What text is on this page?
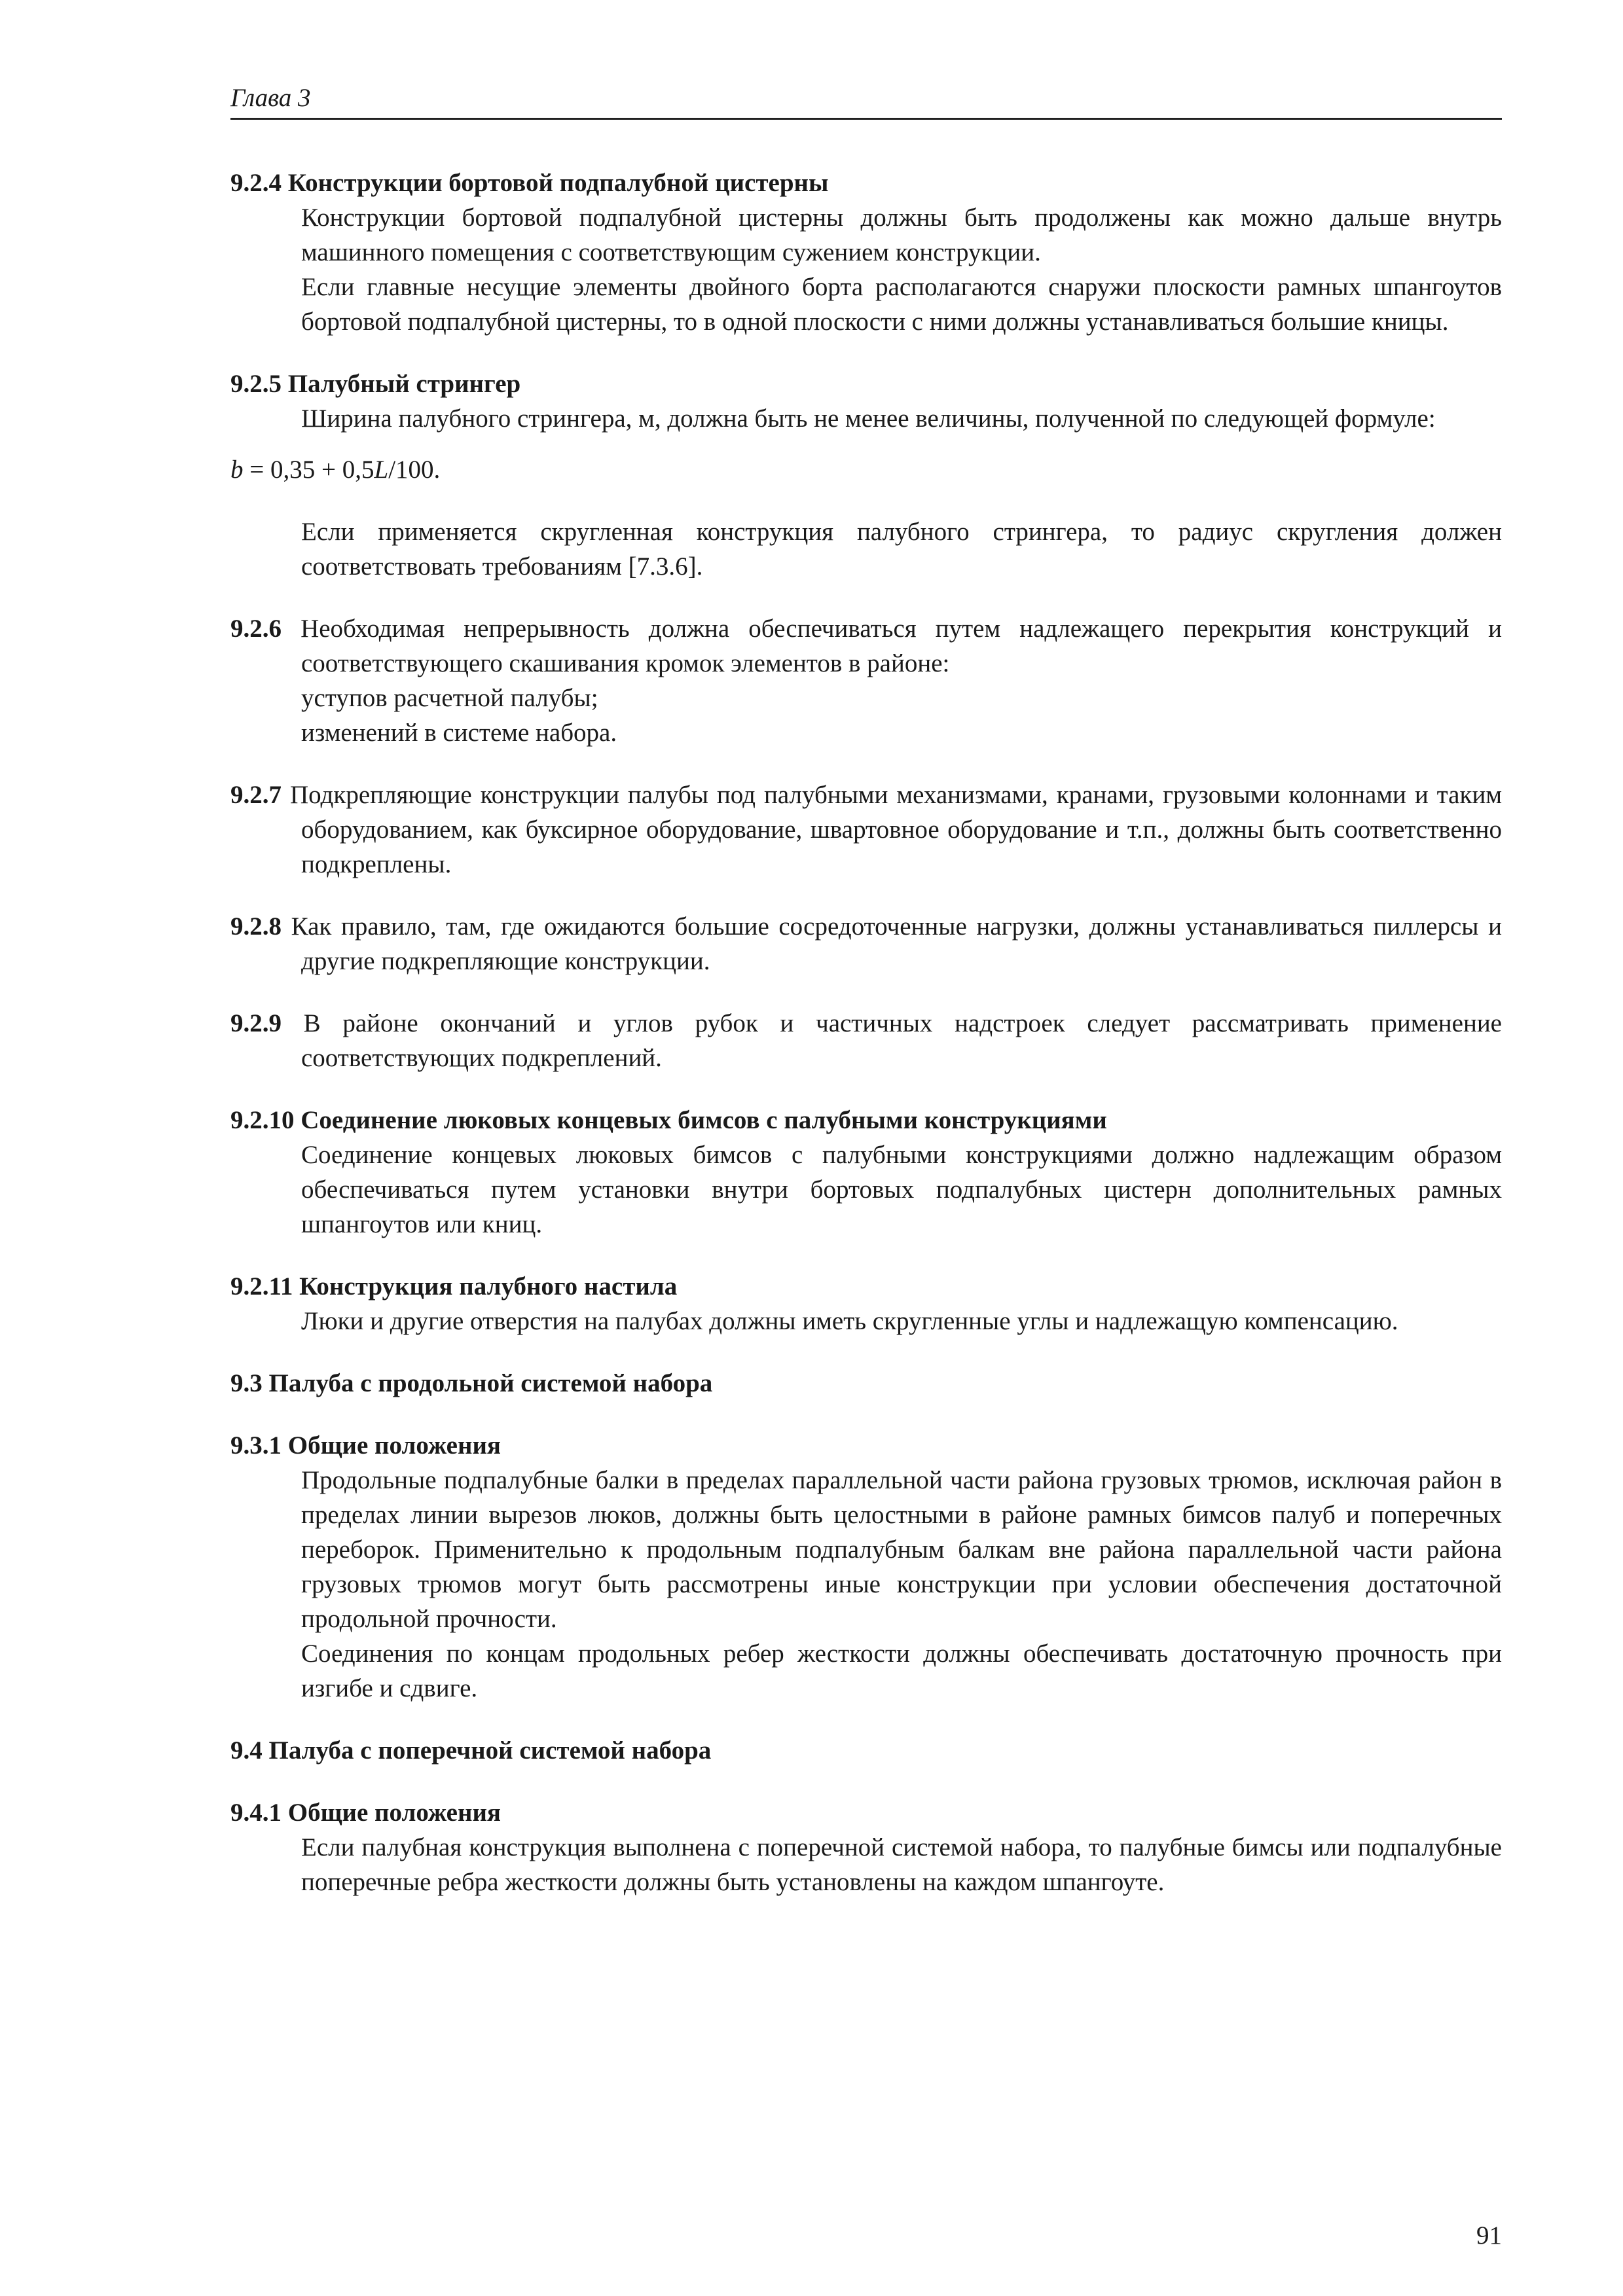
Глава 3

9.2.4 Конструкции бортовой подпалубной цистерны

Конструкции бортовой подпалубной цистерны должны быть продолжены как можно дальше внутрь машинного помещения с соответствующим сужением конструкции.

Если главные несущие элементы двойного борта располагаются снаружи плоскости рамных шпангоутов бортовой подпалубной цистерны, то в одной плоскости с ними должны устанавливаться большие кницы.

9.2.5 Палубный стрингер

Ширина палубного стрингера, м, должна быть не менее величины, полученной по следующей формуле:

b = 0,35 + 0,5L/100.

Если применяется скругленная конструкция палубного стрингера, то радиус скругления должен соответствовать требованиям [7.3.6].

9.2.6 Необходимая непрерывность должна обеспечиваться путем надлежащего перекрытия конструкций и соответствующего скашивания кромок элементов в районе:

уступов расчетной палубы;

изменений в системе набора.

9.2.7 Подкрепляющие конструкции палубы под палубными механизмами, кранами, грузовыми колоннами и таким оборудованием, как буксирное оборудование, швартовное оборудование и т.п., должны быть соответственно подкреплены.

9.2.8 Как правило, там, где ожидаются большие сосредоточенные нагрузки, должны устанавливаться пиллерсы и другие подкрепляющие конструкции.

9.2.9 В районе окончаний и углов рубок и частичных надстроек следует рассматривать применение соответствующих подкреплений.

9.2.10 Соединение люковых концевых бимсов с палубными конструкциями

Соединение концевых люковых бимсов с палубными конструкциями должно надлежащим образом обеспечиваться путем установки внутри бортовых подпалубных цистерн дополнительных рамных шпангоутов или книц.

9.2.11 Конструкция палубного настила

Люки и другие отверстия на палубах должны иметь скругленные углы и надлежащую компенсацию.

9.3 Палуба с продольной системой набора

9.3.1 Общие положения

Продольные подпалубные балки в пределах параллельной части района грузовых трюмов, исключая район в пределах линии вырезов люков, должны быть целостными в районе рамных бимсов палуб и поперечных переборок. Применительно к продольным подпалубным балкам вне района параллельной части района грузовых трюмов могут быть рассмотрены иные конструкции при условии обеспечения достаточной продольной прочности.

Соединения по концам продольных ребер жесткости должны обеспечивать достаточную прочность при изгибе и сдвиге.

9.4 Палуба с поперечной системой набора

9.4.1 Общие положения

Если палубная конструкция выполнена с поперечной системой набора, то палубные бимсы или подпалубные поперечные ребра жесткости должны быть установлены на каждом шпангоуте.

91
